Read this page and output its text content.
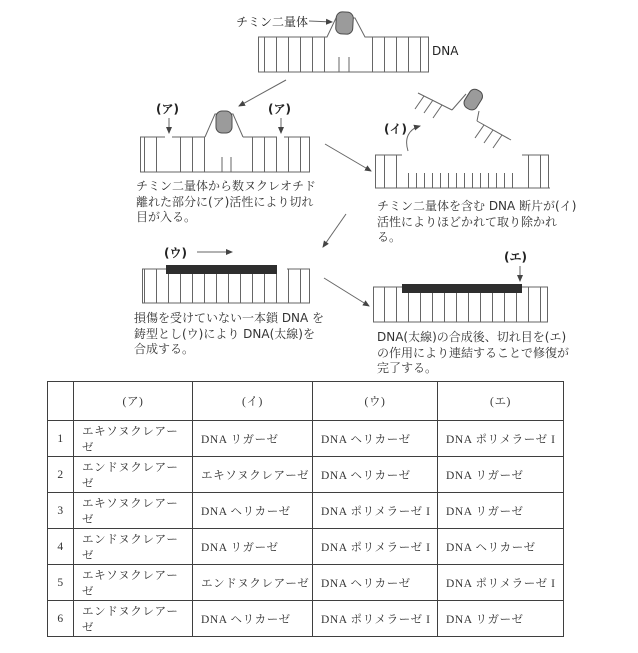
チミン二量体
DNA
(ア)	(ア)
(イ)
(ウ)	(エ)
チミン二量体から数ヌクレオチド離れた部分に(ア)活性により切れ目が入る。
チミン二量体を含む DNA 断片が(イ)活性によりほどかれて取り除かれる。
損傷を受けていない一本鎖 DNA を鋳型とし(ウ)により DNA(太線)を合成する。
DNA(太線)の合成後、切れ目を(エ)の作用により連結することで修復が完了する。
	(ア)	(イ)	(ウ)	(エ)
1	エキソヌクレアーゼ	DNA リガーゼ	DNA ヘリカーゼ	DNA ポリメラーゼ I
2	エンドヌクレアーゼ	エキソヌクレアーゼ	DNA ヘリカーゼ	DNA リガーゼ
3	エキソヌクレアーゼ	DNA ヘリカーゼ	DNA ポリメラーゼ I	DNA リガーゼ
4	エンドヌクレアーゼ	DNA リガーゼ	DNA ポリメラーゼ I	DNA ヘリカーゼ
5	エキソヌクレアーゼ	エンドヌクレアーゼ	DNA ヘリカーゼ	DNA ポリメラーゼ I
6	エンドヌクレアーゼ	DNA ヘリカーゼ	DNA ポリメラーゼ I	DNA リガーゼ
